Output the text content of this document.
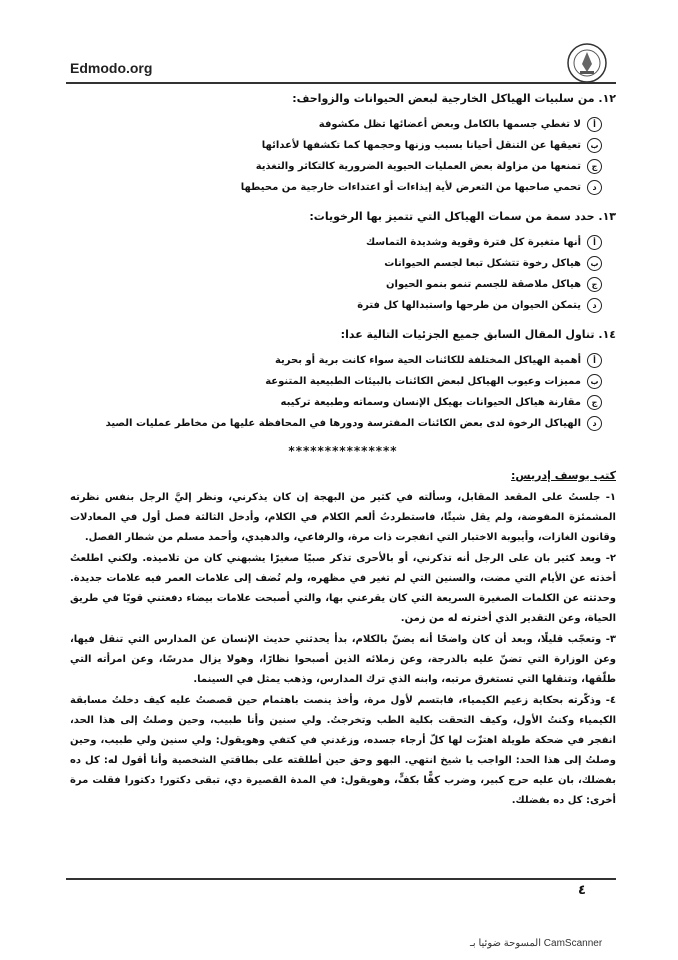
Edmodo.org
١٢. من سلبيات الهياكل الخارجية لبعض الحيوانات والزواحف:
أ
لا تغطي جسمها بالكامل وبعض أعضائها تظل مكشوفة
ب
تعيقها عن التنقل أحيانا بسبب وزنها وحجمها كما تكشفها لأعدائها
ج
تمنعها من مزاولة بعض العمليات الحيوية الضرورية كالتكاثر والتغذية
د
تحمي صاحبها من التعرض لأية إيذاءات أو اعتداءات خارجية من محيطها
١٣. حدد سمة من سمات الهياكل التي تتميز بها الرخويات:
أ
أنها متغيرة كل فترة وقوية وشديدة التماسك
ب
هياكل رخوة تتشكل تبعا لجسم الحيوانات
ج
هياكل ملاصقة للجسم تنمو بنمو الحيوان
د
يتمكن الحيوان من طرحها واستبدالها كل فترة
١٤. تناول المقال السابق جميع الجزئيات التالية عدا:
أ
أهمية الهياكل المختلفة للكائنات الحية سواء كانت برية أو بحرية
ب
مميزات وعيوب الهياكل لبعض الكائنات بالبيئات الطبيعية المتنوعة
ج
مقارنة هياكل الحيوانات بهيكل الإنسان وسماته وطبيعة تركيبه
د
الهياكل الرخوة لدى بعض الكائنات المفترسة ودورها في المحافظة عليها من مخاطر عمليات الصيد
***************
كتب يوسف إدريس:

١- جلستُ على المقعد المقابل، وسألته في كثير من البهجة إن كان يذكرني، ونظر إليَّ الرجل بنفس نظرته المشمئزة المفوضة، ولم يقل شيئًا، فاستطردتُ ألعم الكلام في الكلام، وأدخل الثالثة فصل أول في المعادلات وقانون الغازات، وأيبوبة الاختبار التي انفجرت ذات مرة، والرفاعي، والدهيدي، وأحمد مسلم من شطار الفصل.

٢- وبعد كثير بان على الرجل أنه تذكرني، أو بالأحرى تذكر صبيًا صغيرًا يشبهني كان من تلاميذه. ولكني اطلعتُ أخذته عن الأيام التي مضت، والسنين التي لم تغير في مظهره، ولم تُضف إلى علامات العمر فيه علامات جديدة. وحدثته عن الكلمات الصغيرة السريعة التي كان يقرعني بها، والتي أصبحت علامات بيضاء دفعتني قويًا في طريق الحياة، وعن التقدير الذي أخترته له من زمن.

٣- وتعجّب قليلًا، وبعد أن كان واضحًا أنه يضنّ بالكلام، بدأ يحدثني حديث الإنسان عن المدارس التي تنقل فيها، وعن الوزارة التي تضنّ عليه بالدرجة، وعن زملائه الذين أصبحوا نظارًا، وهولا يزال مدرسًا، وعن امرأته التي طلّقها، وتنقلها التي تستغرق مرتبه، وابنه الذي ترك المدارس، وذهب يمثل في السينما.

٤- وذكّرته بحكاية زعيم الكيمياء، فابتسم لأول مرة، وأخذ ينصت باهتمام حين قصصتُ عليه كيف دخلتُ مسابقة الكيمياء وكنتُ الأول، وكيف التحقت بكلية الطب وتخرجتُ. ولي سنين وأنا طبيب، وحين وصلتُ إلى هذا الحد، انفجر في ضحكة طويلة اهتزّت لها كلّ أرجاء جسده، وزغدني في كتفي وهويقول: ولي سنين ولي طبيب، وحين وصلتُ إلى هذا الحد: الواجب يا شيخ انتهي. البهو وحق حين أطلقته على بطاقتي الشخصية وأنا أقول له: كل ده بفضلك، بان عليه حرج كبير، وضرب كفًّا بكفٍّ، وهويقول: في المدة القصيرة دي، تبقى دكتور! دكتورا فقلت مرة أخرى: كل ده بفضلك.

٤
المسوحة ضوئيا بـ CamScanner
